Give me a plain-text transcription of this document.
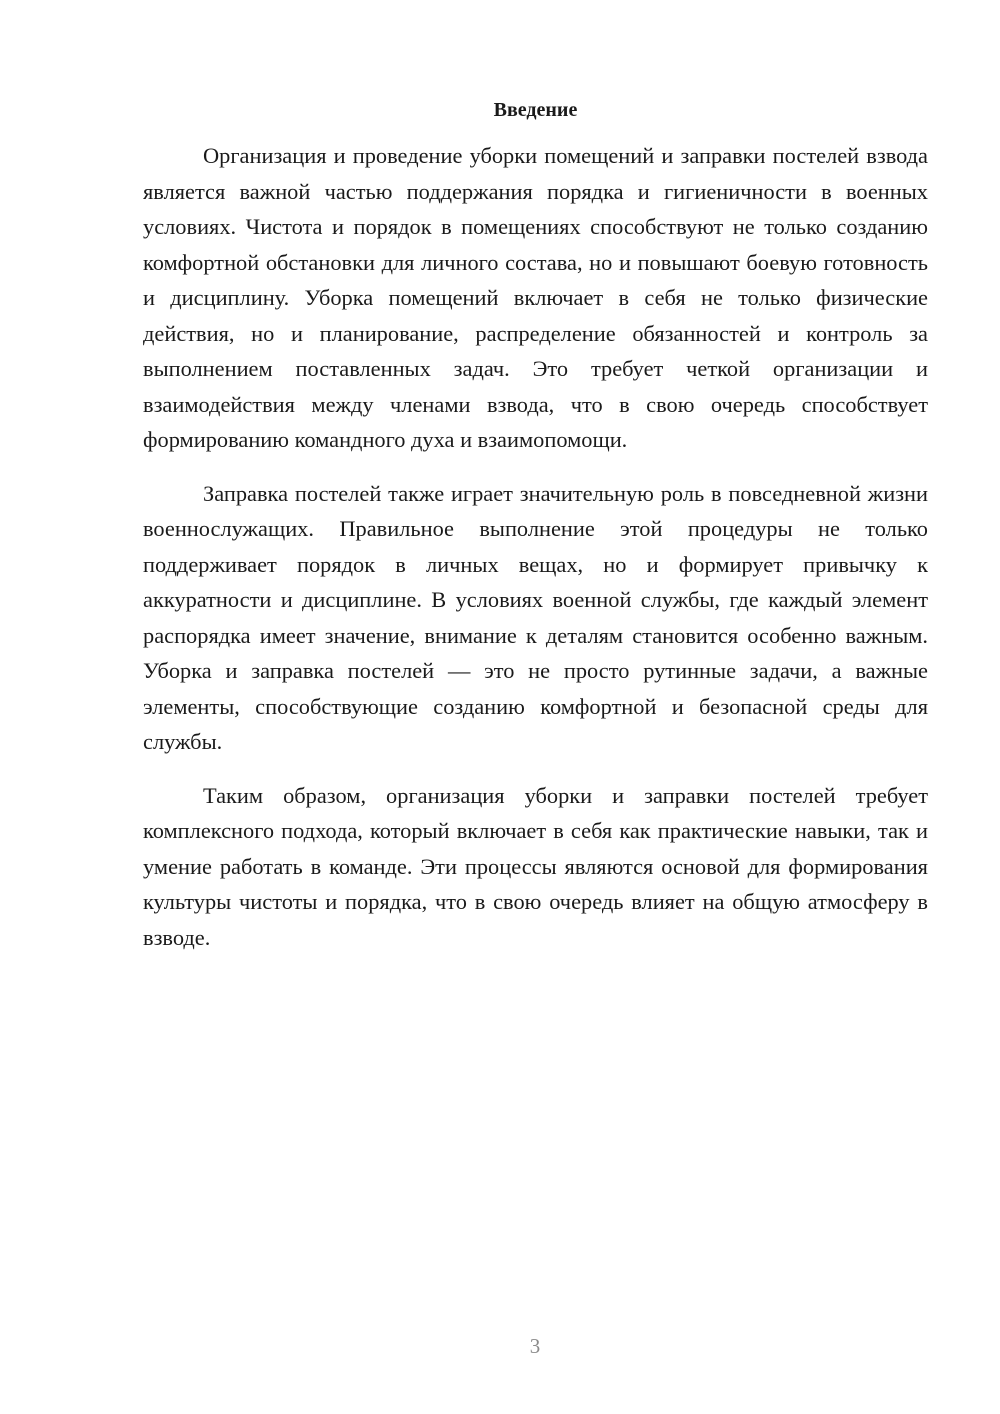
Введение

Организация и проведение уборки помещений и заправки постелей взвода является важной частью поддержания порядка и гигиеничности в военных условиях. Чистота и порядок в помещениях способствуют не только созданию комфортной обстановки для личного состава, но и повышают боевую готовность и дисциплину. Уборка помещений включает в себя не только физические действия, но и планирование, распределение обязанностей и контроль за выполнением поставленных задач. Это требует четкой организации и взаимодействия между членами взвода, что в свою очередь способствует формированию командного духа и взаимопомощи.

Заправка постелей также играет значительную роль в повседневной жизни военнослужащих. Правильное выполнение этой процедуры не только поддерживает порядок в личных вещах, но и формирует привычку к аккуратности и дисциплине. В условиях военной службы, где каждый элемент распорядка имеет значение, внимание к деталям становится особенно важным. Уборка и заправка постелей — это не просто рутинные задачи, а важные элементы, способствующие созданию комфортной и безопасной среды для службы.

Таким образом, организация уборки и заправки постелей требует комплексного подхода, который включает в себя как практические навыки, так и умение работать в команде. Эти процессы являются основой для формирования культуры чистоты и порядка, что в свою очередь влияет на общую атмосферу в взводе.

3
